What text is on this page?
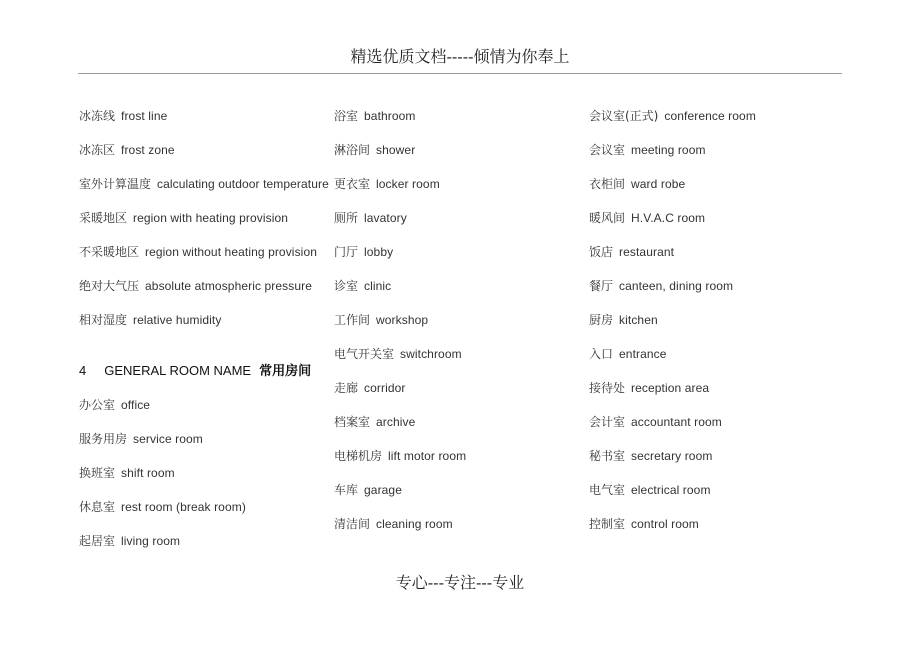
精选优质文档-----倾情为你奉上
冰冻线 frost line
冰冻区 frost zone
室外计算温度 calculating outdoor temperature
采暖地区 region with heating provision
不采暖地区 region without heating provision
绝对大气压 absolute atmospheric pressure
相对湿度 relative humidity
4 GENERAL ROOM NAME 常用房间
办公室 office
服务用房 service room
换班室 shift room
休息室 rest room (break room)
起居室 living room
浴室 bathroom
淋浴间 shower
更衣室 locker room
厕所 lavatory
门厅 lobby
诊室 clinic
工作间 workshop
电气开关室 switchroom
走廊 corridor
档案室 archive
电梯机房 lift motor room
车库 garage
清洁间 cleaning room
会议室(正式) conference room
会议室 meeting room
衣柜间 ward robe
暖风间 H.V.A.C room
饭店 restaurant
餐厅 canteen, dining room
厨房 kitchen
入口 entrance
接待处 reception area
会计室 accountant room
秘书室 secretary room
电气室 electrical room
控制室 control room
专心---专注---专业
